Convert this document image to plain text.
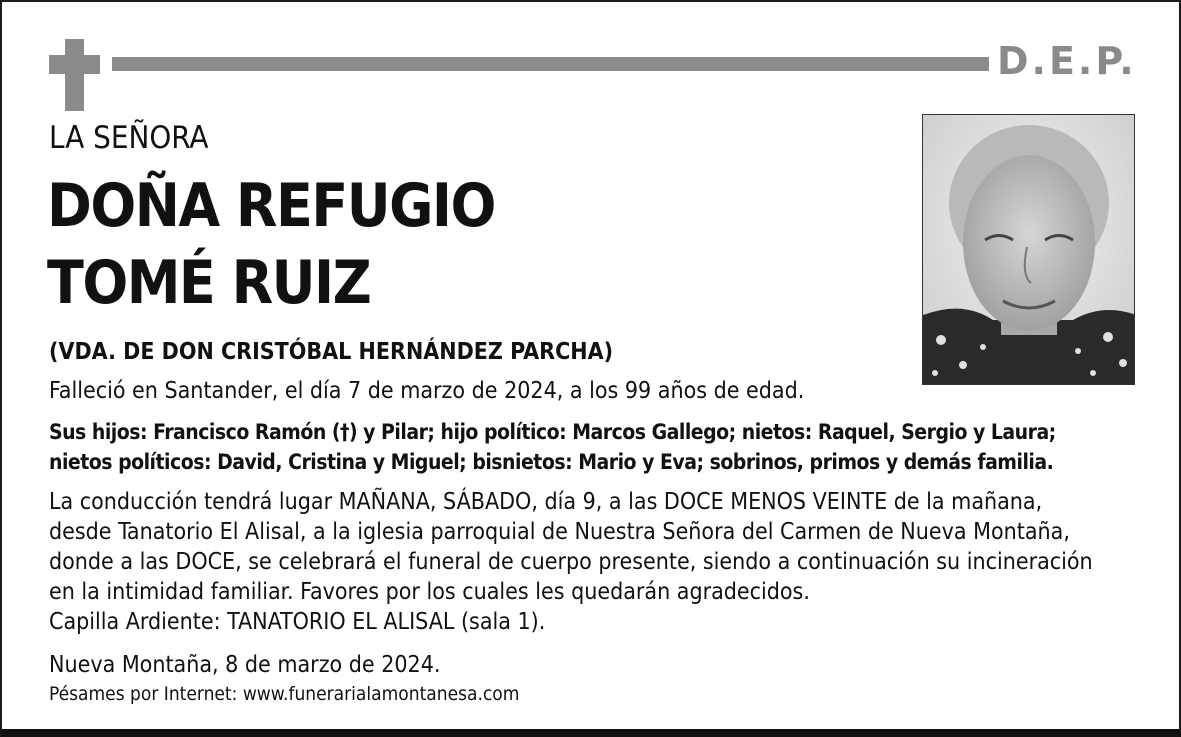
D.E.P.
LA SEÑORA
DOÑA REFUGIO
TOMÉ RUIZ
(VDA. DE DON CRISTÓBAL HERNÁNDEZ PARCHA)
Falleció en Santander, el día 7 de marzo de 2024, a los 99 años de edad.
Sus hijos: Francisco Ramón (†) y Pilar; hijo político: Marcos Gallego; nietos: Raquel, Sergio y Laura;
nietos políticos: David, Cristina y Miguel; bisnietos: Mario y Eva; sobrinos, primos y demás familia.
La conducción tendrá lugar MAÑANA, SÁBADO, día 9, a las DOCE MENOS VEINTE de la mañana,
desde Tanatorio El Alisal, a la iglesia parroquial de Nuestra Señora del Carmen de Nueva Montaña,
donde a las DOCE, se celebrará el funeral de cuerpo presente, siendo a continuación su incineración
en la intimidad familiar. Favores por los cuales les quedarán agradecidos.
Capilla Ardiente: TANATORIO EL ALISAL (sala 1).
Nueva Montaña, 8 de marzo de 2024.
Pésames por Internet: www.funerarialamontanesa.com
